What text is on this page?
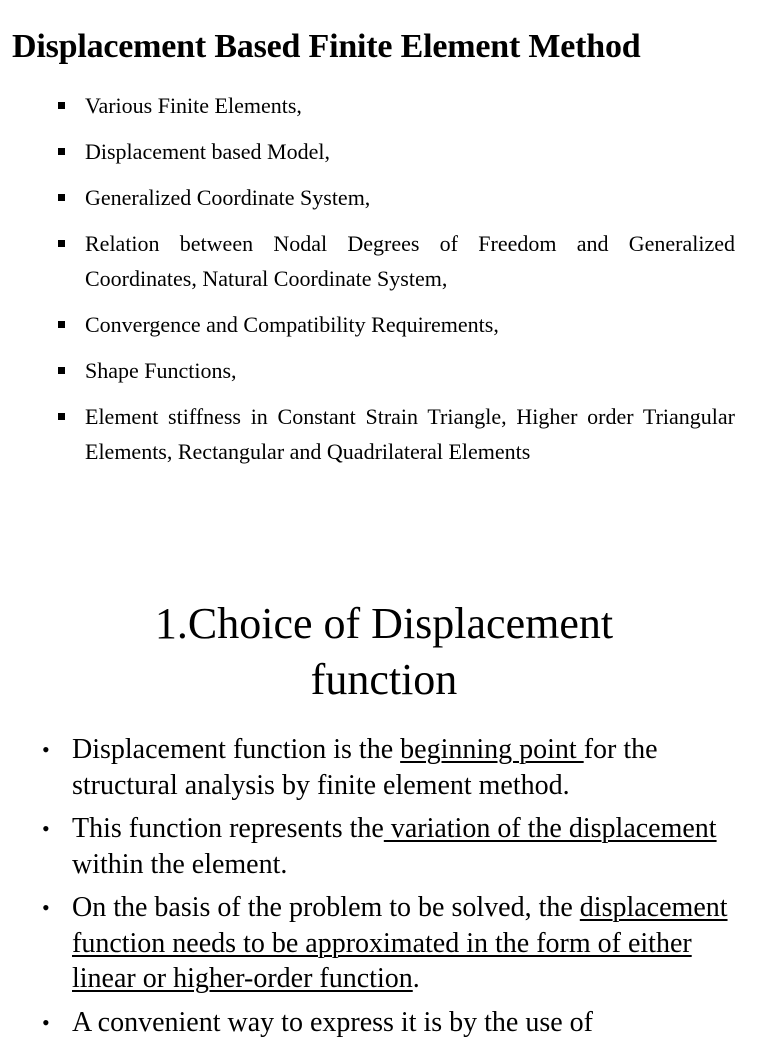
Displacement Based Finite Element Method
Various Finite Elements,
Displacement based Model,
Generalized Coordinate System,
Relation between Nodal Degrees of Freedom and Generalized Coordinates, Natural Coordinate System,
Convergence and Compatibility Requirements,
Shape Functions,
Element stiffness in Constant Strain Triangle, Higher order Triangular Elements, Rectangular and Quadrilateral Elements
1.Choice of Displacement
function
• Displacement function is the beginning point for the structural analysis by finite element method.
• This function represents the variation of the displacement within the element.
• On the basis of the problem to be solved, the displacement function needs to be approximated in the form of either linear or higher-order function.
• A convenient way to express it is by the use of
